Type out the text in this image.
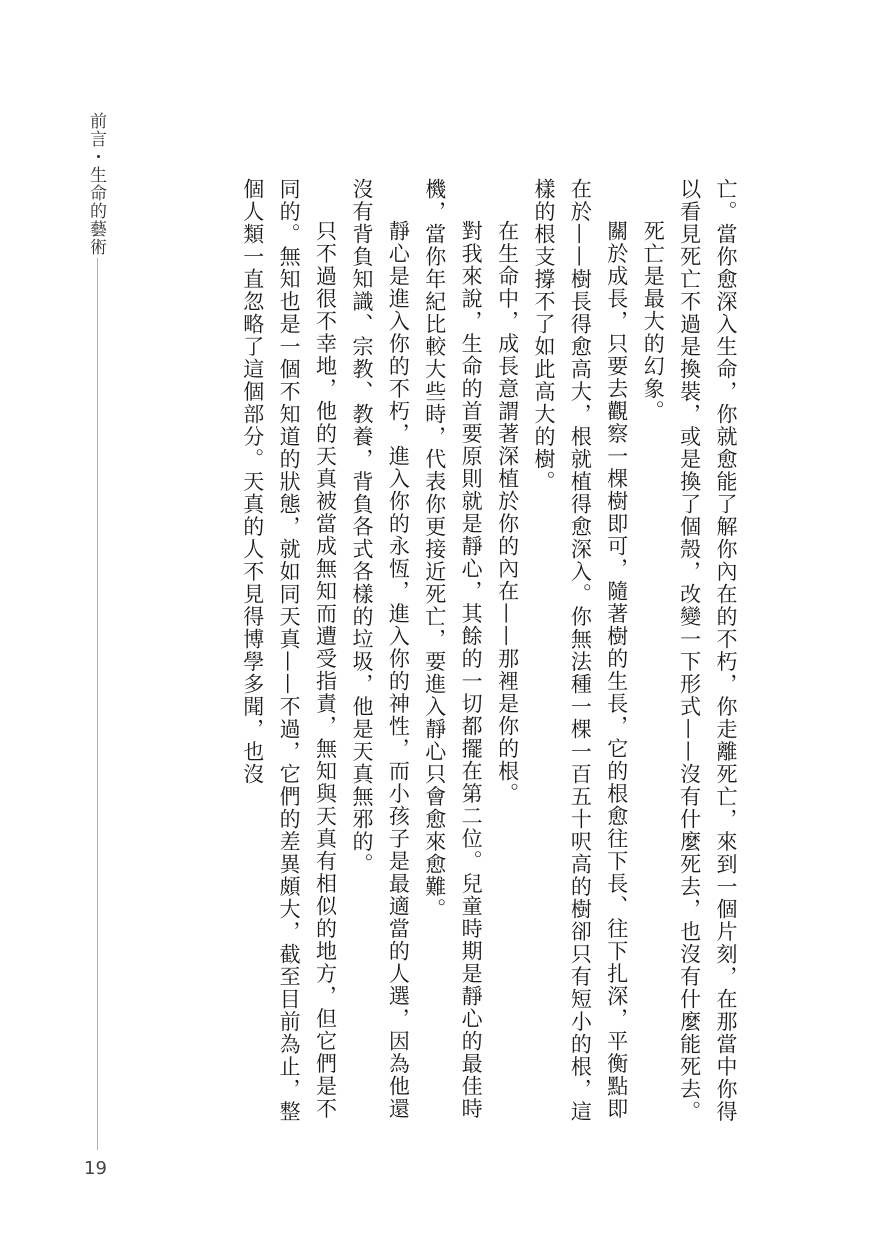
前言・生命的藝術
19

亡。當你愈深入生命，你就愈能了解你內在的不朽，你走離死亡，來到一個片刻，在那當中你得以看見死亡不過是換裝，或是換了個殼，改變一下形式——沒有什麼死去，也沒有什麼能死去。

死亡是最大的幻象。

關於成長，只要去觀察一棵樹即可，隨著樹的生長，它的根愈往下長、往下扎深，平衡點即在於——樹長得愈高大，根就植得愈深入。你無法種一棵一百五十呎高的樹卻只有短小的根，這樣的根支撐不了如此高大的樹。

在生命中，成長意謂著深植於你的內在——那裡是你的根。

對我來說，生命的首要原則就是靜心，其餘的一切都擺在第二位。兒童時期是靜心的最佳時機，當你年紀比較大些時，代表你更接近死亡，要進入靜心只會愈來愈難。

靜心是進入你的不朽，進入你的永恆，進入你的神性，而小孩子是最適當的人選，因為他還沒有背負知識、宗教、教養，背負各式各樣的垃圾，他是天真無邪的。

只不過很不幸地，他的天真被當成無知而遭受指責，無知與天真有相似的地方，但它們是不同的。無知也是一個不知道的狀態，就如同天真——不過，它們的差異頗大，截至目前為止，整個人類一直忽略了這個部分。天真的人不見得博學多聞，也沒
